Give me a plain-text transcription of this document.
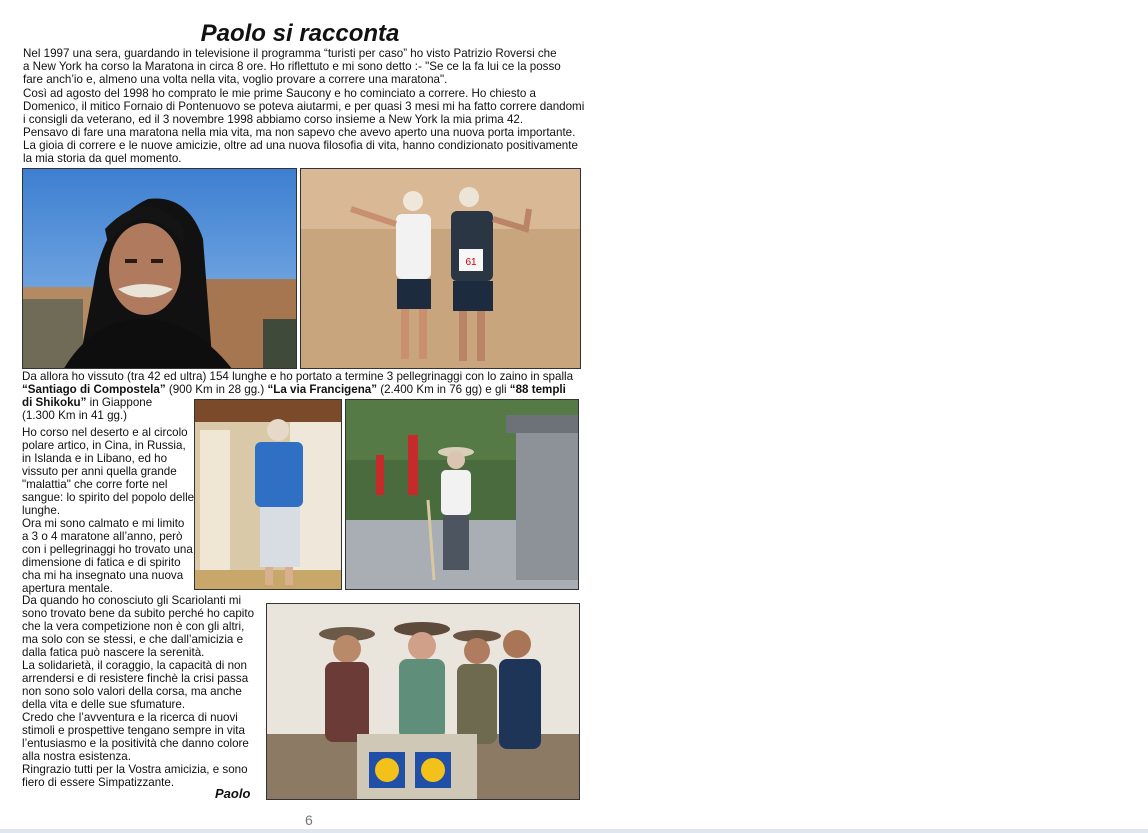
Paolo si racconta
Nel 1997 una sera, guardando in televisione il programma “turisti per caso” ho visto Patrizio Roversi che
a New York ha corso la Maratona in circa 8 ore. Ho riflettuto e mi sono detto :- "Se ce la fa lui ce la posso
fare anch’io e, almeno una volta nella vita, voglio provare a correre una maratona".
Così ad agosto del 1998 ho comprato le mie prime Saucony e ho cominciato a correre. Ho chiesto a
Domenico, il mitico Fornaio di Pontenuovo se poteva aiutarmi, e per quasi 3 mesi mi ha fatto correre dandomi
i consigli da veterano, ed il 3 novembre 1998 abbiamo corso insieme a New York la mia prima 42.
Pensavo di fare una maratona nella mia vita, ma non sapevo che avevo aperto una nuova porta importante.
La gioia di correre e le nuove amicizie, oltre ad una nuova filosofia di vita, hanno condizionato positivamente
la mia storia da quel momento.
61
Da allora ho vissuto (tra 42 ed ultra) 154 lunghe e ho portato a termine 3 pellegrinaggi con lo zaino in spalla
“Santiago di Compostela” (900 Km in 28 gg.) “La via Francigena” (2.400 Km in 76 gg) e gli “88 templi
di Shikoku” in Giappone
(1.300 Km in 41 gg.)
Ho corso nel deserto e al circolo
polare artico, in Cina, in Russia,
in Islanda e in Libano, ed ho
vissuto per anni quella grande
"malattia" che corre forte nel
sangue: lo spirito del popolo delle
lunghe.
Ora mi sono calmato e mi limito
a 3 o 4 maratone all’anno, però
con i pellegrinaggi ho trovato una
dimensione di fatica e di spirito
cha mi ha insegnato una nuova
apertura mentale.
Da quando ho conosciuto gli Scariolanti mi
sono trovato bene da subito perché ho capito
che la vera competizione non è con gli altri,
ma solo con se stessi, e che dall’amicizia e
dalla fatica può nascere la serenità.
La solidarietà, il coraggio, la capacità di non
arrendersi e di resistere finchè la crisi passa
non sono solo valori della corsa, ma anche
della vita e delle sue sfumature.
Credo che l’avventura e la ricerca di nuovi
stimoli e prospettive tengano sempre in vita
l’entusiasmo e la positività che danno colore
alla nostra esistenza.
Ringrazio tutti per la Vostra amicizia, e sono
fiero di essere Simpatizzante.
Paolo
6
